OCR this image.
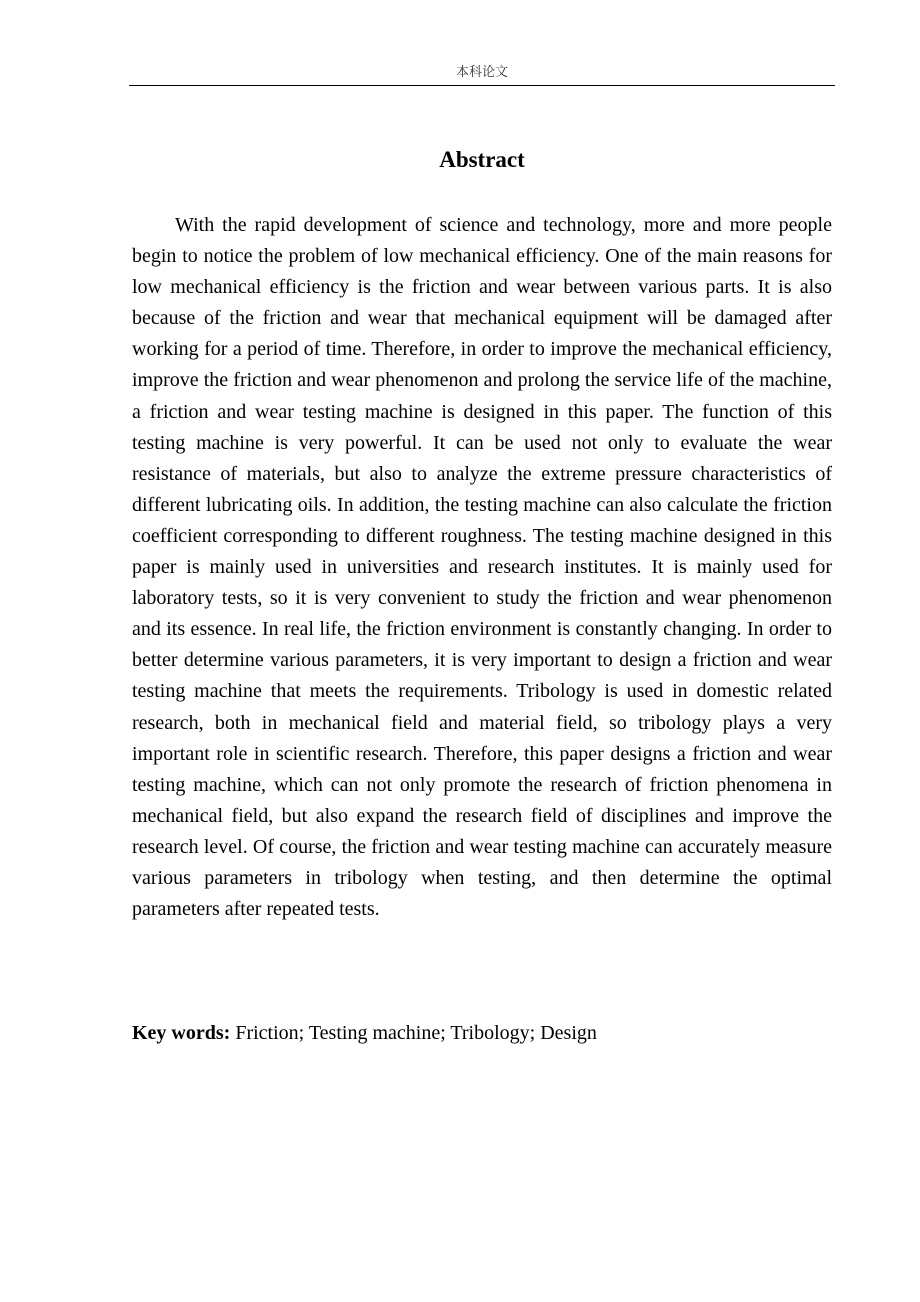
本科论文
Abstract

With the rapid development of science and technology, more and more people begin to notice the problem of low mechanical efficiency. One of the main reasons for low mechanical efficiency is the friction and wear between various parts. It is also because of the friction and wear that mechanical equipment will be damaged after working for a period of time. Therefore, in order to improve the mechanical efficiency, improve the friction and wear phenomenon and prolong the service life of the machine, a friction and wear testing machine is designed in this paper. The function of this testing machine is very powerful. It can be used not only to evaluate the wear resistance of materials, but also to analyze the extreme pressure characteristics of different lubricating oils. In addition, the testing machine can also calculate the friction coefficient corresponding to different roughness. The testing machine designed in this paper is mainly used in universities and research institutes. It is mainly used for laboratory tests, so it is very convenient to study the friction and wear phenomenon and its essence. In real life, the friction environment is constantly changing. In order to better determine various parameters, it is very important to design a friction and wear testing machine that meets the requirements. Tribology is used in domestic related research, both in mechanical field and material field, so tribology plays a very important role in scientific research. Therefore, this paper designs a friction and wear testing machine, which can not only promote the research of friction phenomena in mechanical field, but also expand the research field of disciplines and improve the research level. Of course, the friction and wear testing machine can accurately measure various parameters in tribology when testing, and then determine the optimal parameters after repeated tests.

Key words: Friction; Testing machine; Tribology; Design
